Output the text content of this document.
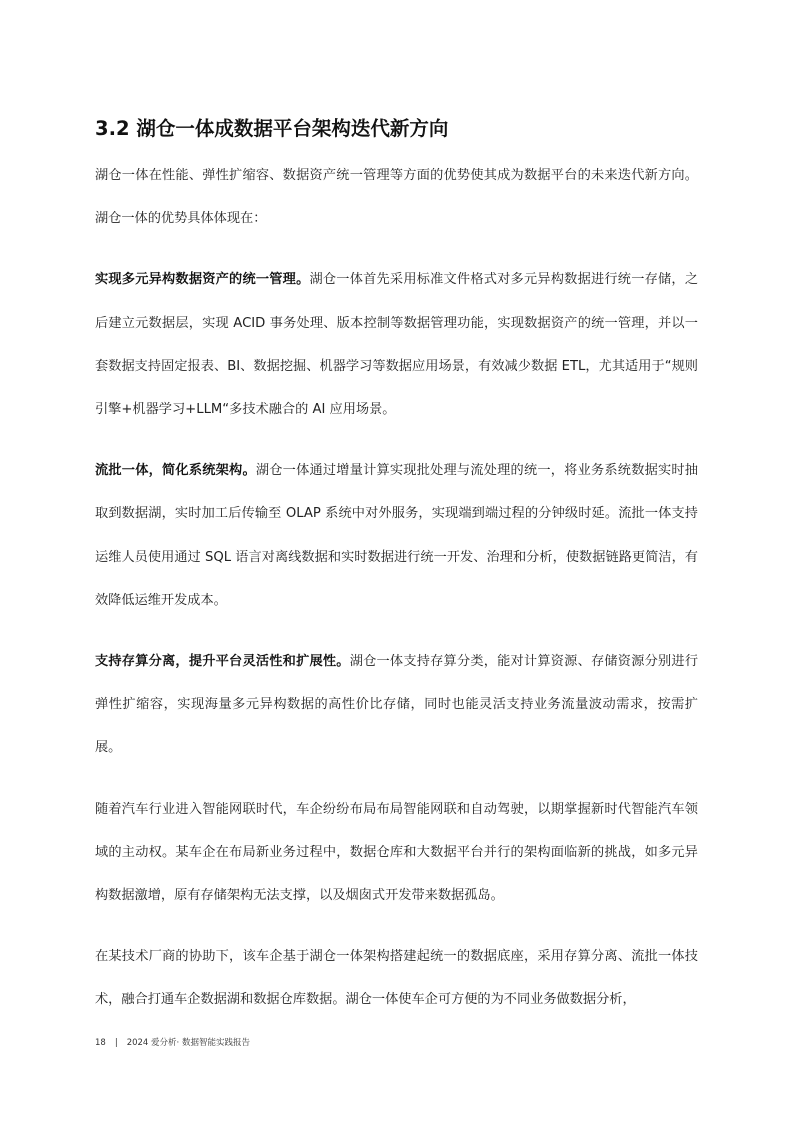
3.2 湖仓一体成数据平台架构迭代新方向

湖仓一体在性能、弹性扩缩容、数据资产统一管理等方面的优势使其成为数据平台的未来迭代新方向。湖仓一体的优势具体体现在：

实现多元异构数据资产的统一管理。湖仓一体首先采用标准文件格式对多元异构数据进行统一存储，之后建立元数据层，实现 ACID 事务处理、版本控制等数据管理功能，实现数据资产的统一管理，并以一套数据支持固定报表、BI、数据挖掘、机器学习等数据应用场景，有效减少数据 ETL，尤其适用于“规则引擎+机器学习+LLM“多技术融合的 AI 应用场景。

流批一体，简化系统架构。湖仓一体通过增量计算实现批处理与流处理的统一，将业务系统数据实时抽取到数据湖，实时加工后传输至 OLAP 系统中对外服务，实现端到端过程的分钟级时延。流批一体支持运维人员使用通过 SQL 语言对离线数据和实时数据进行统一开发、治理和分析，使数据链路更简洁，有效降低运维开发成本。

支持存算分离，提升平台灵活性和扩展性。湖仓一体支持存算分类，能对计算资源、存储资源分别进行弹性扩缩容，实现海量多元异构数据的高性价比存储，同时也能灵活支持业务流量波动需求，按需扩展。

随着汽车行业进入智能网联时代，车企纷纷布局布局智能网联和自动驾驶，以期掌握新时代智能汽车领域的主动权。某车企在布局新业务过程中，数据仓库和大数据平台并行的架构面临新的挑战，如多元异构数据激增，原有存储架构无法支撑，以及烟囱式开发带来数据孤岛。

在某技术厂商的协助下，该车企基于湖仓一体架构搭建起统一的数据底座，采用存算分离、流批一体技术，融合打通车企数据湖和数据仓库数据。湖仓一体使车企可方便的为不同业务做数据分析，

18 | 2024 爱分析· 数据智能实践报告
